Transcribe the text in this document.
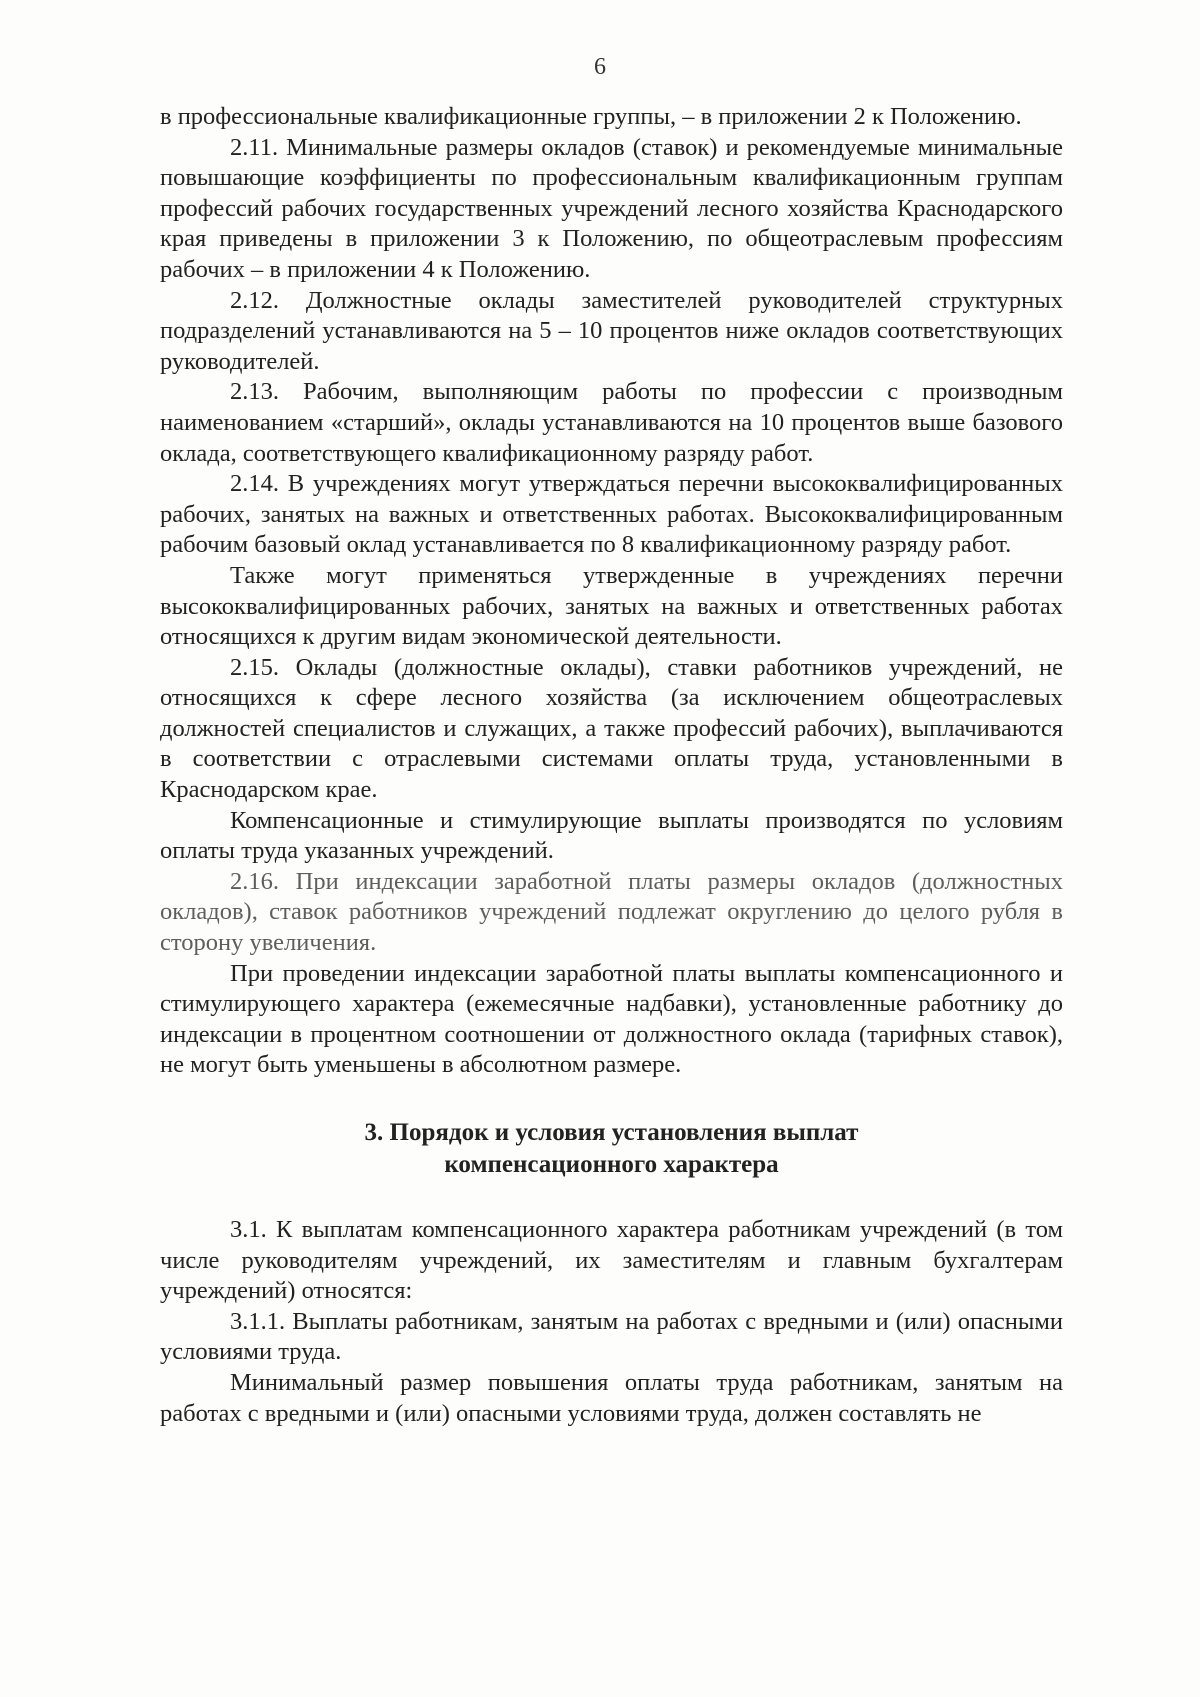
6

в профессиональные квалификационные группы, – в приложении 2 к Положению.

2.11. Минимальные размеры окладов (ставок) и рекомендуемые минимальные повышающие коэффициенты по профессиональным квалификационным группам профессий рабочих государственных учреждений лесного хозяйства Краснодарского края приведены в приложении 3 к Положению, по общеотраслевым профессиям рабочих – в приложении 4 к Положению.

2.12. Должностные оклады заместителей руководителей структурных подразделений устанавливаются на 5 – 10 процентов ниже окладов соответствующих руководителей.

2.13. Рабочим, выполняющим работы по профессии с производным наименованием «старший», оклады устанавливаются на 10 процентов выше базового оклада, соответствующего квалификационному разряду работ.

2.14. В учреждениях могут утверждаться перечни высококвалифицированных рабочих, занятых на важных и ответственных работах. Высококвалифицированным рабочим базовый оклад устанавливается по 8 квалификационному разряду работ.

Также могут применяться утвержденные в учреждениях перечни высококвалифицированных рабочих, занятых на важных и ответственных работах относящихся к другим видам экономической деятельности.

2.15. Оклады (должностные оклады), ставки работников учреждений, не относящихся к сфере лесного хозяйства (за исключением общеотраслевых должностей специалистов и служащих, а также профессий рабочих), выплачиваются в соответствии с отраслевыми системами оплаты труда, установленными в Краснодарском крае.

Компенсационные и стимулирующие выплаты производятся по условиям оплаты труда указанных учреждений.

2.16. При индексации заработной платы размеры окладов (должностных окладов), ставок работников учреждений подлежат округлению до целого рубля в сторону увеличения.

При проведении индексации заработной платы выплаты компенсационного и стимулирующего характера (ежемесячные надбавки), установленные работнику до индексации в процентном соотношении от должностного оклада (тарифных ставок), не могут быть уменьшены в абсолютном размере.

3. Порядок и условия установления выплат
компенсационного характера

3.1. К выплатам компенсационного характера работникам учреждений (в том числе руководителям учреждений, их заместителям и главным бухгалтерам учреждений) относятся:

3.1.1. Выплаты работникам, занятым на работах с вредными и (или) опасными условиями труда.

Минимальный размер повышения оплаты труда работникам, занятым на работах с вредными и (или) опасными условиями труда, должен составлять не
